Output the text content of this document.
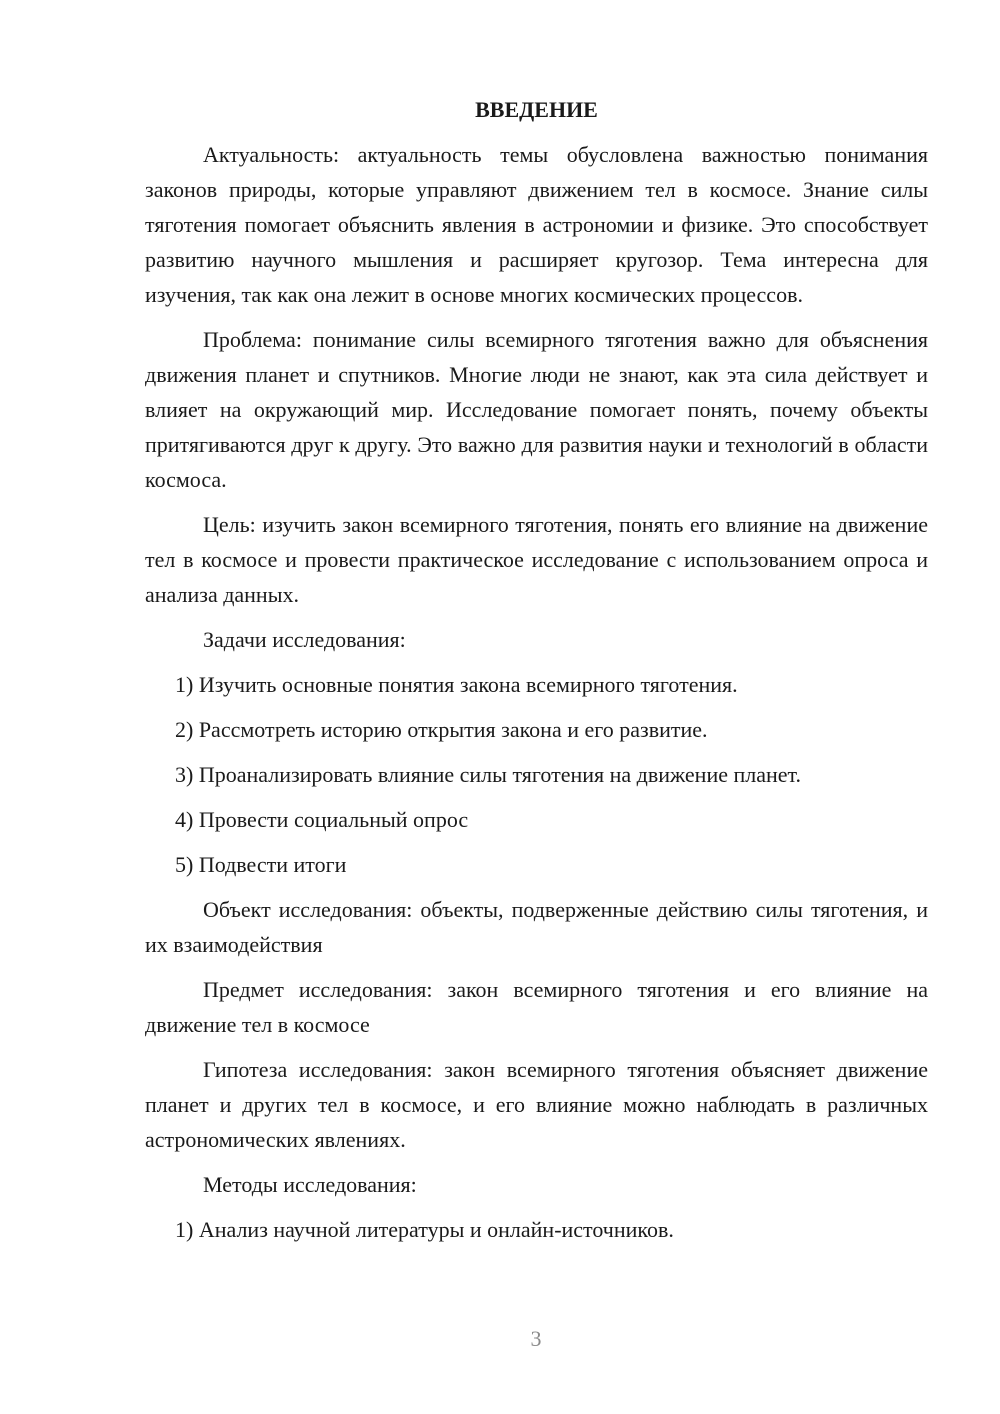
ВВЕДЕНИЕ
Актуальность: актуальность темы обусловлена важностью понимания законов природы, которые управляют движением тел в космосе. Знание силы тяготения помогает объяснить явления в астрономии и физике. Это способствует развитию научного мышления и расширяет кругозор. Тема интересна для изучения, так как она лежит в основе многих космических процессов.
Проблема: понимание силы всемирного тяготения важно для объяснения движения планет и спутников. Многие люди не знают, как эта сила действует и влияет на окружающий мир. Исследование помогает понять, почему объекты притягиваются друг к другу. Это важно для развития науки и технологий в области космоса.
Цель: изучить закон всемирного тяготения, понять его влияние на движение тел в космосе и провести практическое исследование с использованием опроса и анализа данных.
Задачи исследования:
1) Изучить основные понятия закона всемирного тяготения.
2) Рассмотреть историю открытия закона и его развитие.
3) Проанализировать влияние силы тяготения на движение планет.
4) Провести социальный опрос
5) Подвести итоги
Объект исследования: объекты, подверженные действию силы тяготения, и их взаимодействия
Предмет исследования: закон всемирного тяготения и его влияние на движение тел в космосе
Гипотеза исследования: закон всемирного тяготения объясняет движение планет и других тел в космосе, и его влияние можно наблюдать в различных астрономических явлениях.
Методы исследования:
1) Анализ научной литературы и онлайн-источников.
3
